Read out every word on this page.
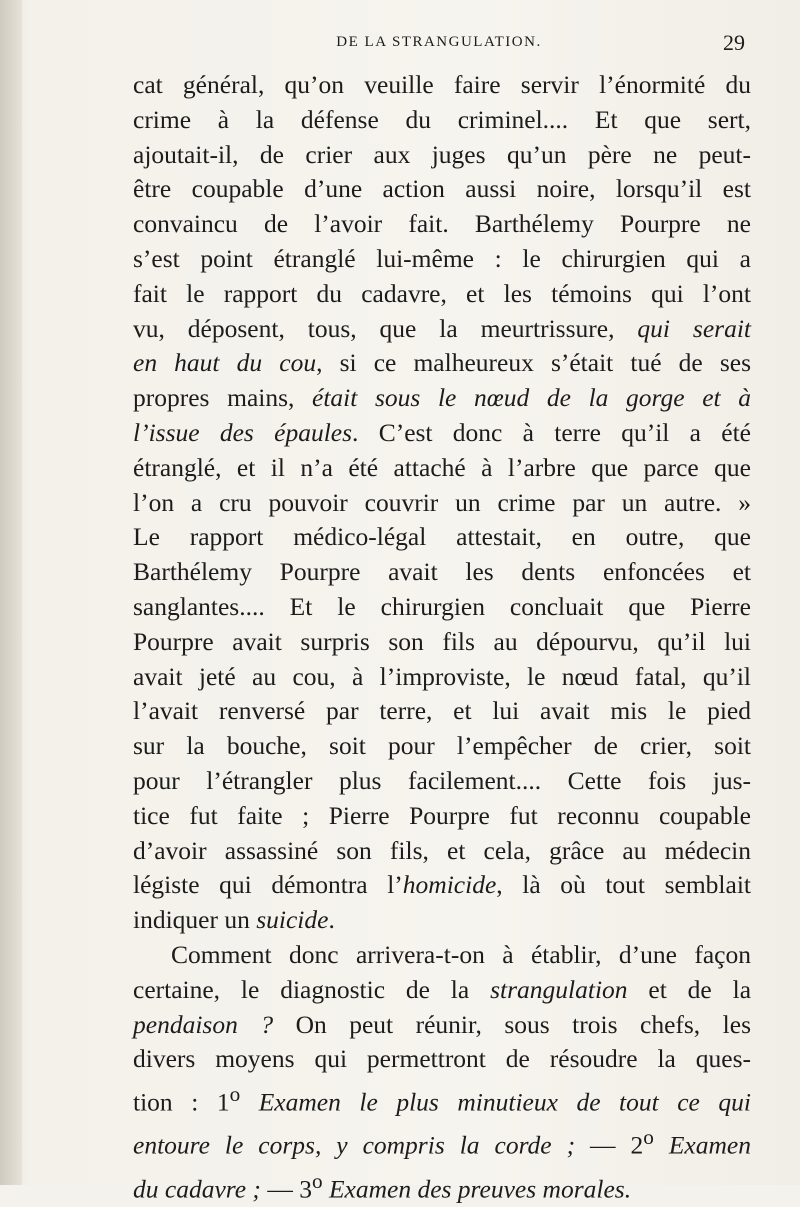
DE LA STRANGULATION.	29

cat général, qu’on veuille faire servir l’énormité du
crime à la défense du criminel.... Et que sert,
ajoutait-il, de crier aux juges qu’un père ne peut-
être coupable d’une action aussi noire, lorsqu’il est
convaincu de l’avoir fait. Barthélemy Pourpre ne
s’est point étranglé lui-même : le chirurgien qui a
fait le rapport du cadavre, et les témoins qui l’ont
vu, déposent, tous, que la meurtrissure, qui serait
en haut du cou, si ce malheureux s’était tué de ses
propres mains, était sous le nœud de la gorge et à
l’issue des épaules. C’est donc à terre qu’il a été
étranglé, et il n’a été attaché à l’arbre que parce que
l’on a cru pouvoir couvrir un crime par un autre. »
Le rapport médico-légal attestait, en outre, que
Barthélemy Pourpre avait les dents enfoncées et
sanglantes.... Et le chirurgien concluait que Pierre
Pourpre avait surpris son fils au dépourvu, qu’il lui
avait jeté au cou, à l’improviste, le nœud fatal, qu’il
l’avait renversé par terre, et lui avait mis le pied
sur la bouche, soit pour l’empêcher de crier, soit
pour l’étrangler plus facilement.... Cette fois jus-
tice fut faite ; Pierre Pourpre fut reconnu coupable
d’avoir assassiné son fils, et cela, grâce au médecin
légiste qui démontra l’homicide, là où tout semblait
indiquer un suicide.

Comment donc arrivera-t-on à établir, d’une façon
certaine, le diagnostic de la strangulation et de la
pendaison ? On peut réunir, sous trois chefs, les
divers moyens qui permettront de résoudre la ques-
tion : 1$^o$ Examen le plus minutieux de tout ce qui
entoure le corps, y compris la corde ; — 2$^o$ Examen
du cadavre ; — 3$^o$ Examen des preuves morales.
